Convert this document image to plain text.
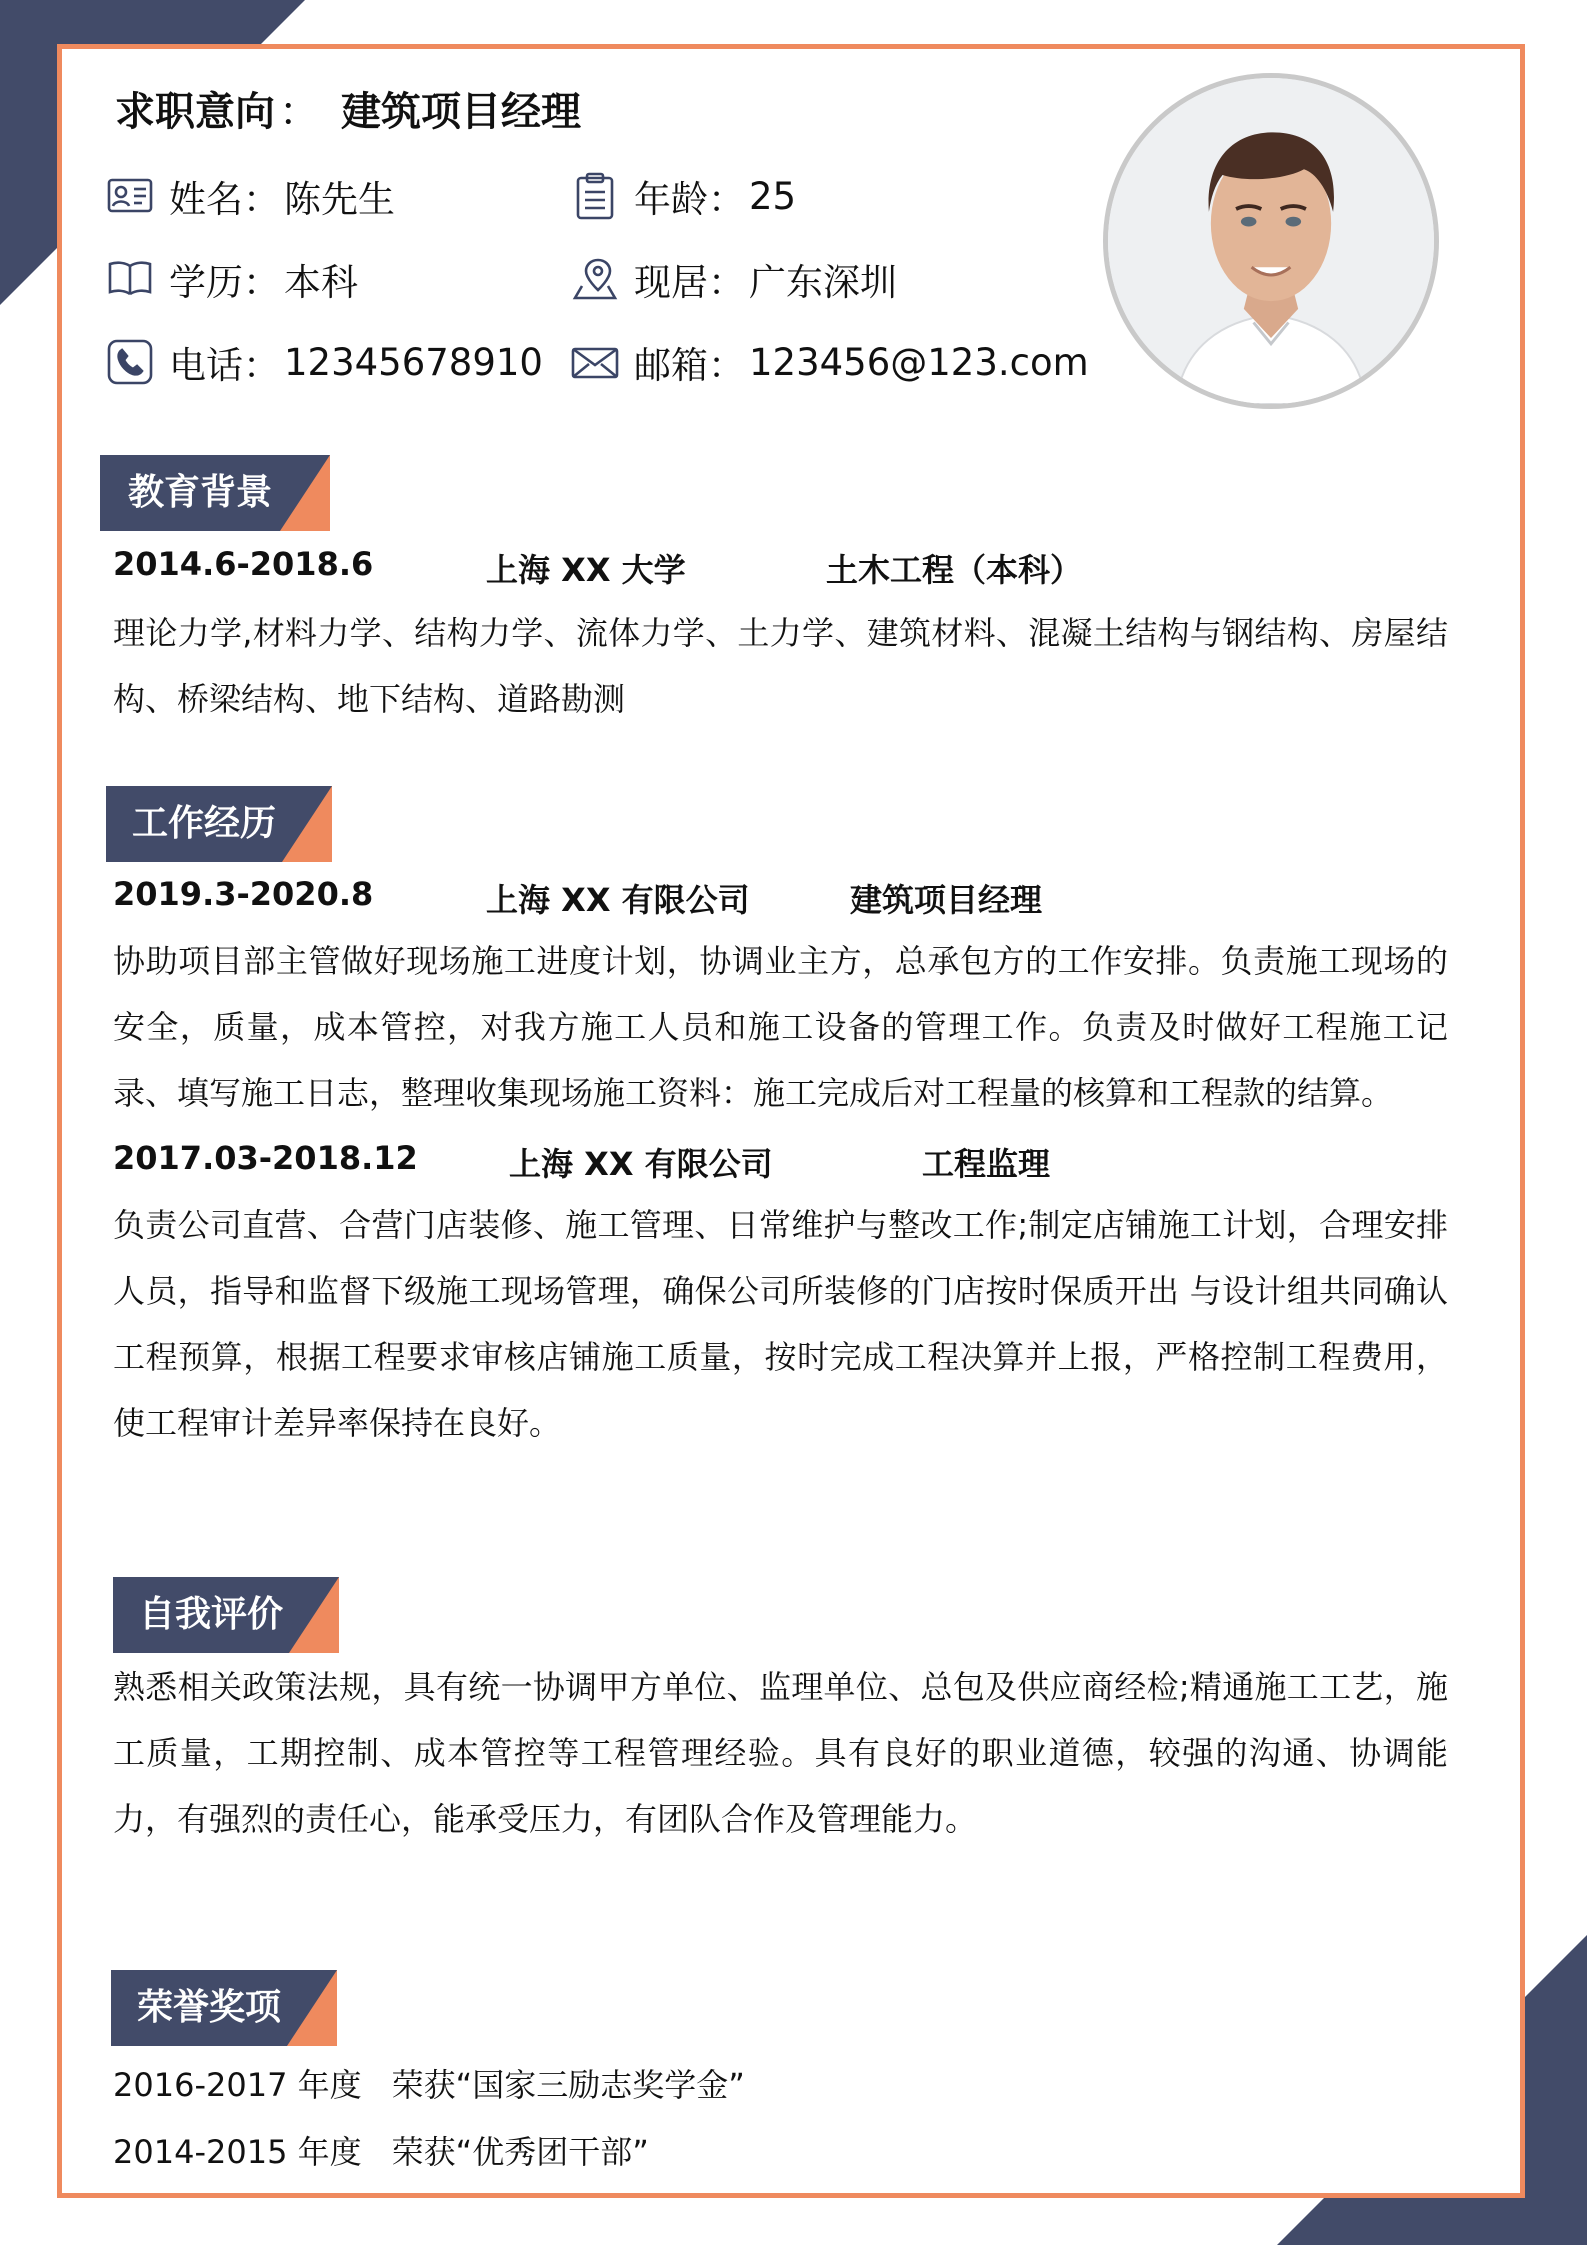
求职意向 ： 建筑项目经理
姓名： 陈先生	年龄： 25
学历： 本科	现居： 广东深圳
电话： 12345678910 邮箱： 123456@123.com
教育背景
2014.6-2018.6	上海 XX 大学	土木工程（本科）
理论力学,材料力学、结构力学、流体力学、土力学、建筑材料、混凝土结构与钢结构、房屋结构、桥梁结构、地下结构、道路勘测
工作经历
2019.3-2020.8	上海 XX 有限公司	建筑项目经理
协助项目部主管做好现场施工进度计划，协调业主方，总承包方的工作安排。负责施工现场的安全，质量，成本管控，对我方施工人员和施工设备的管理工作。负责及时做好工程施工记录、填写施工日志，整理收集现场施工资料：施工完成后对工程量的核算和工程款的结算。
2017.03-2018.12	上海 XX 有限公司	工程监理
负责公司直营、合营门店装修、施工管理、日常维护与整改工作;制定店铺施工计划，合理安排人员，指导和监督下级施工现场管理，确保公司所装修的门店按时保质开出 与设计组共同确认工程预算，根据工程要求审核店铺施工质量，按时完成工程决算并上报，严格控制工程费用，使工程审计差异率保持在良好。
自我评价
熟悉相关政策法规，具有统一协调甲方单位、监理单位、总包及供应商经检;精通施工工艺，施工质量，工期控制、成本管控等工程管理经验。具有良好的职业道德，较强的沟通、协调能力，有强烈的责任心，能承受压力，有团队合作及管理能力。
荣誉奖项
2016-2017 年度 荣获“国家三励志奖学金”
2014-2015 年度 荣获“优秀团干部”
